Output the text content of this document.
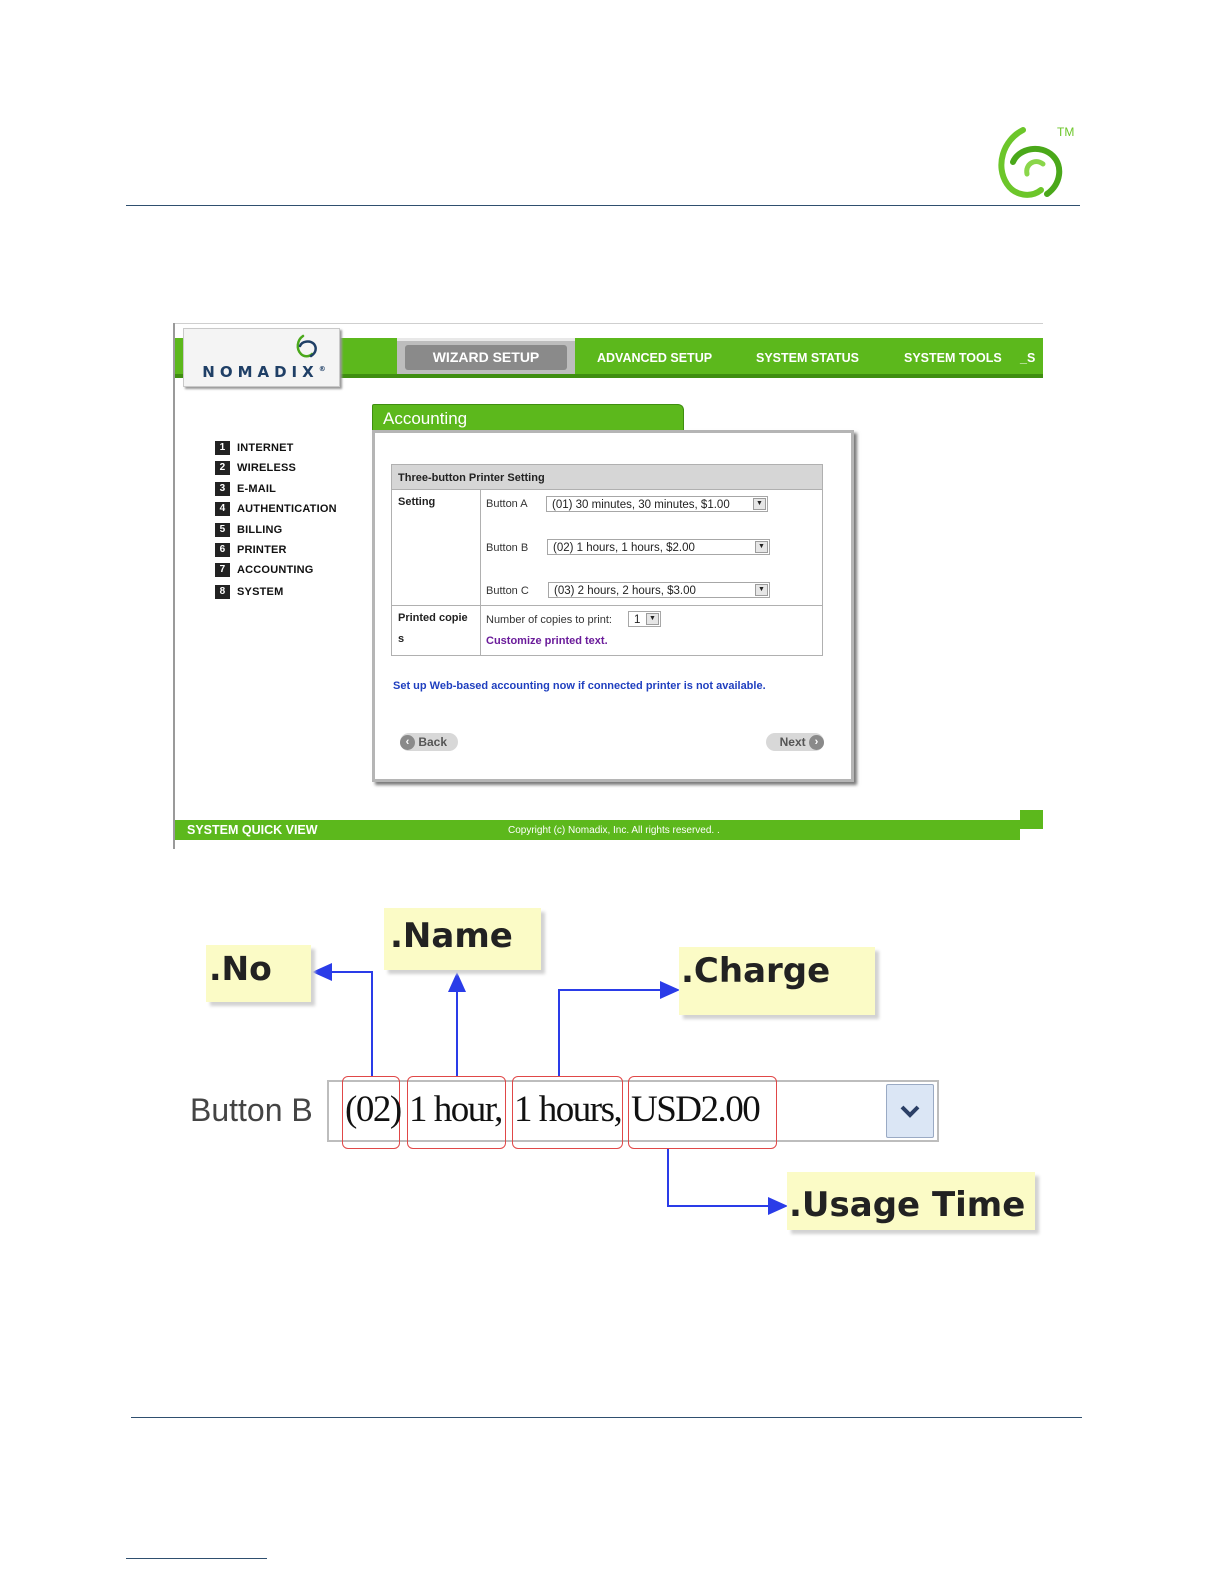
TM
NOMADIX®
WIZARD SETUP	ADVANCED SETUP	SYSTEM STATUS	SYSTEM TOOLS _S
1 INTERNET
2 WIRELESS
3 E-MAIL
4 AUTHENTICATION
5 BILLING
6 PRINTER
7 ACCOUNTING
8 SYSTEM
Accounting
Three-button Printer Setting
Setting	Button A	(01) 30 minutes, 30 minutes, $1.00	▼
Button B	(02) 1 hours, 1 hours, $2.00	▼
Button C	(03) 2 hours, 2 hours, $3.00	▼
Printed copie
s
Number of copies to print:	1	▼
Customize printed text.
Set up Web-based accounting now if connected printer is not available.
‹ Back	Next ›
SYSTEM QUICK VIEW	Copyright (c) Nomadix, Inc. All rights reserved. .
Button B (02) 1 hour, 1 hours, USD2.00
.No
.Name
.Charge
.Usage Time
